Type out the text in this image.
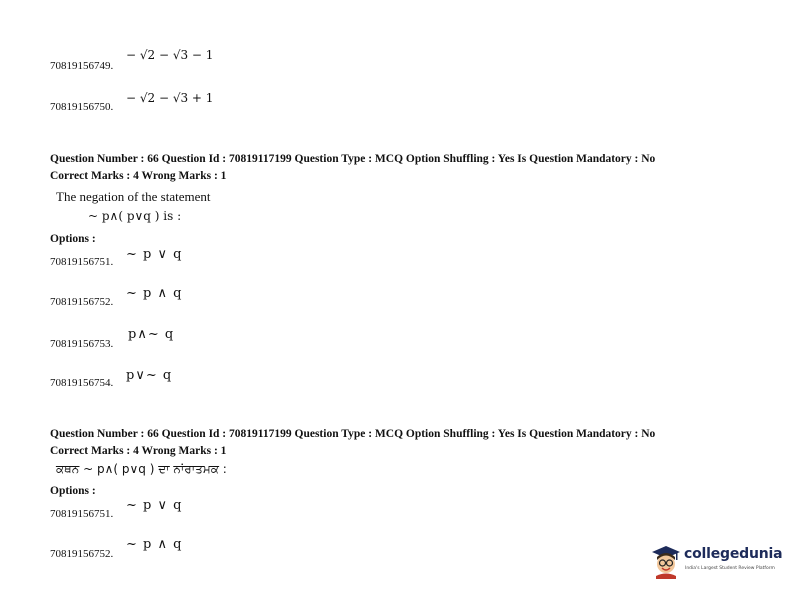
70819156749.
− √2 − √3 − 1
70819156750.
− √2 − √3 + 1
Question Number : 66 Question Id : 70819117199 Question Type : MCQ Option Shuffling : Yes Is Question Mandatory : No
Correct Marks : 4 Wrong Marks : 1
The negation of the statement
~ p∧( p∨q ) is :
Options :
70819156751. ~ p ∨ q
70819156752.
~ p ∧ q
70819156753.
p∧~ q
70819156754. p∨~ q
Question Number : 66 Question Id : 70819117199 Question Type : MCQ Option Shuffling : Yes Is Question Mandatory : No
Correct Marks : 4 Wrong Marks : 1
ਕਥਨ ~ p∧( p∨q ) ਦਾ ਨਾਂਰਾਤਮਕ :
Options :
70819156751.
~ p ∨ q
70819156752.
~ p ∧ q
collegedunia
India's Largest Student Review Platform
